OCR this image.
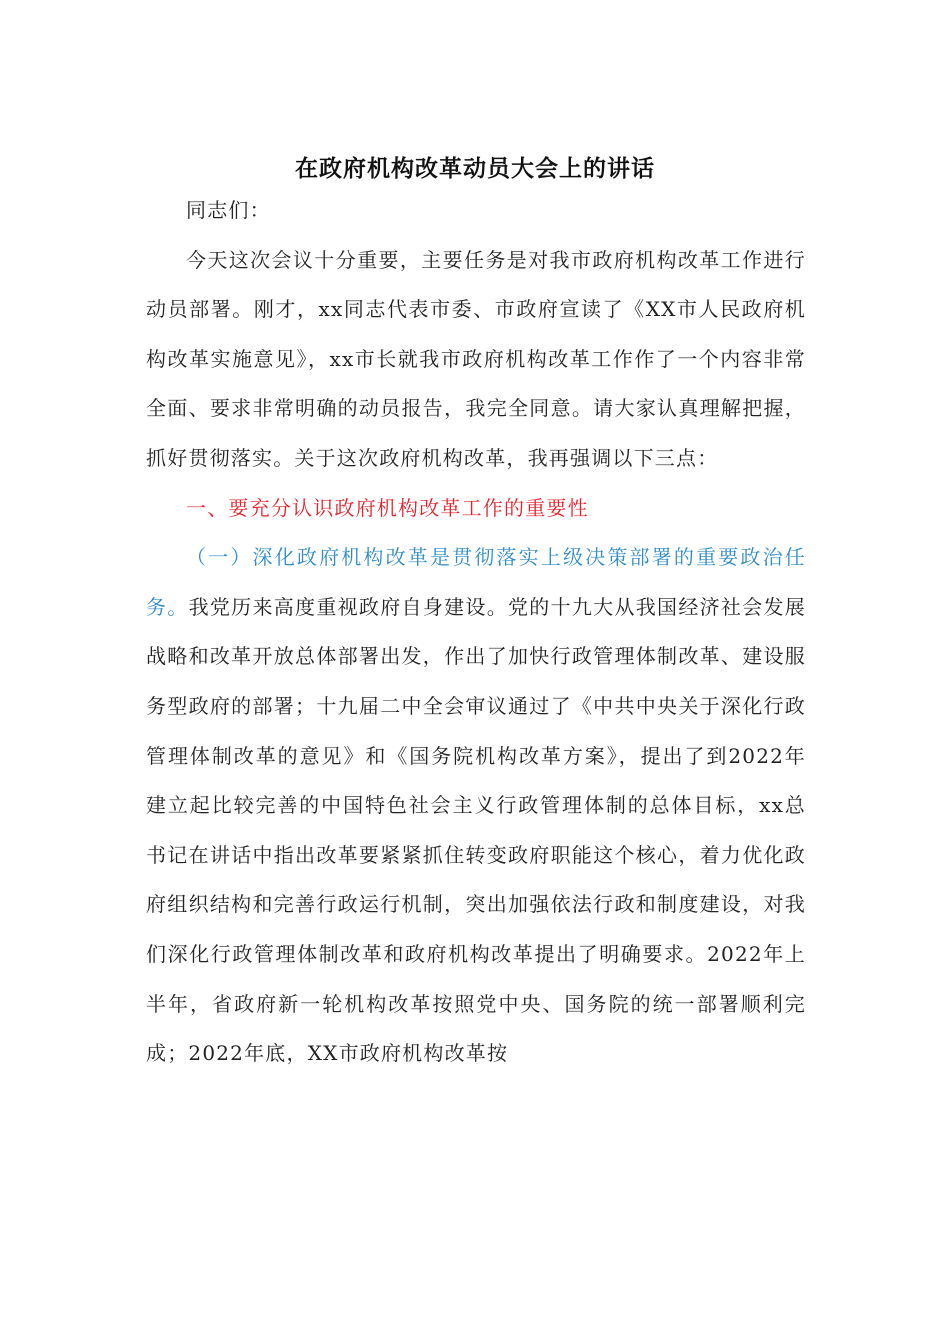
在政府机构改革动员大会上的讲话

同志们：

今天这次会议十分重要，主要任务是对我市政府机构改革工作进行动员部署。刚才，xx同志代表市委、市政府宣读了《XX市人民政府机构改革实施意见》，xx市长就我市政府机构改革工作作了一个内容非常全面、要求非常明确的动员报告，我完全同意。请大家认真理解把握，抓好贯彻落实。关于这次政府机构改革，我再强调以下三点：

一、要充分认识政府机构改革工作的重要性

（一）深化政府机构改革是贯彻落实上级决策部署的重要政治任务。我党历来高度重视政府自身建设。党的十九大从我国经济社会发展战略和改革开放总体部署出发，作出了加快行政管理体制改革、建设服务型政府的部署；十九届二中全会审议通过了《中共中央关于深化行政管理体制改革的意见》和《国务院机构改革方案》，提出了到2022年建立起比较完善的中国特色社会主义行政管理体制的总体目标，xx总书记在讲话中指出改革要紧紧抓住转变政府职能这个核心，着力优化政府组织结构和完善行政运行机制，突出加强依法行政和制度建设，对我们深化行政管理体制改革和政府机构改革提出了明确要求。2022年上半年，省政府新一轮机构改革按照党中央、国务院的统一部署顺利完成；2022年底，XX市政府机构改革按
